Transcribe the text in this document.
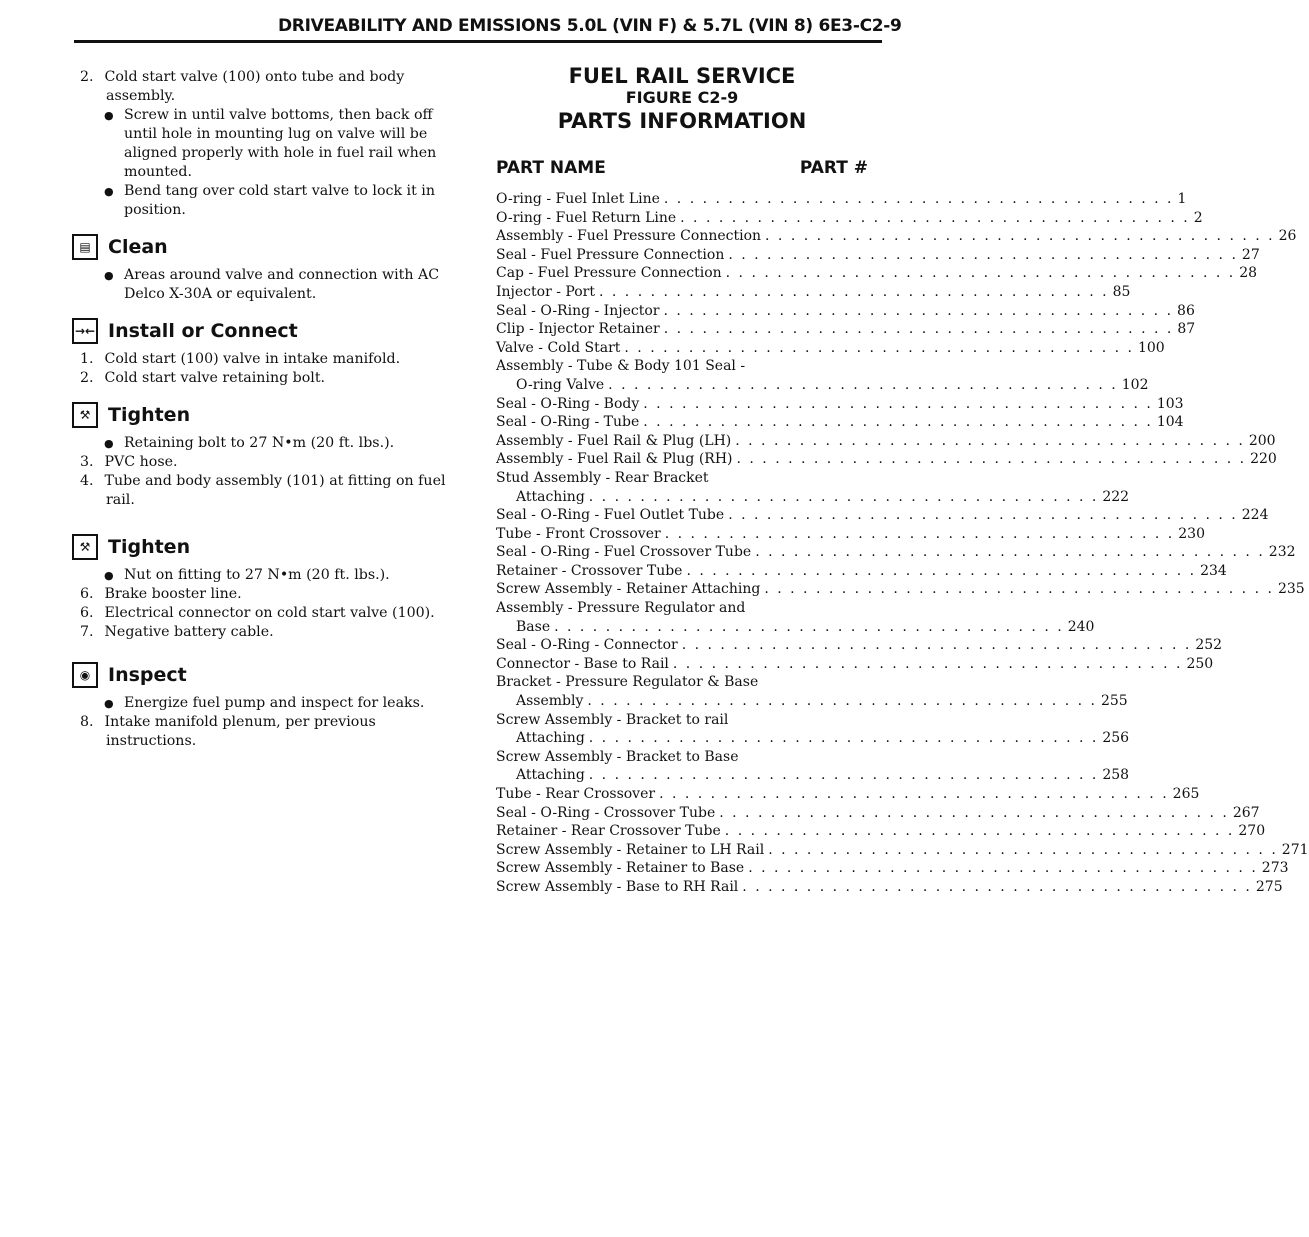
DRIVEABILITY AND EMISSIONS 5.0L (VIN F) & 5.7L (VIN 8) 6E3-C2-9

2. Cold start valve (100) onto tube and body

assembly.

● Screw in until valve bottoms, then back off

until hole in mounting lug on valve will be

aligned properly with hole in fuel rail when

mounted.

● Bend tang over cold start valve to lock it in

position.

▤ Clean
● Areas around valve and connection with AC

Delco X-30A or equivalent.

→← Install or Connect

1. Cold start (100) valve in intake manifold.

2. Cold start valve retaining bolt.

⚒ Tighten
● Retaining bolt to 27 N•m (20 ft. lbs.).

3. PVC hose.

4. Tube and body assembly (101) at fitting on fuel

rail.

⚒ Tighten
● Nut on fitting to 27 N•m (20 ft. lbs.).

6. Brake booster line.

6. Electrical connector on cold start valve (100).

7. Negative battery cable.

◉ Inspect
● Energize fuel pump and inspect for leaks.

8. Intake manifold plenum, per previous

instructions.

FUEL RAIL SERVICE
FIGURE C2-9
PARTS INFORMATION
PART NAME	PART #
O-ring - Fuel Inlet Line . . . . . . . . . . . . . . . . . . . . . . . . . . . . . . . . . . . . . . . . 1
O-ring - Fuel Return Line . . . . . . . . . . . . . . . . . . . . . . . . . . . . . . . . . . . . . . . . 2
Assembly - Fuel Pressure Connection . . . . . . . . . . . . . . . . . . . . . . . . . . . . . . . . . . . . . . . . 26
Seal - Fuel Pressure Connection . . . . . . . . . . . . . . . . . . . . . . . . . . . . . . . . . . . . . . . . 27
Cap - Fuel Pressure Connection . . . . . . . . . . . . . . . . . . . . . . . . . . . . . . . . . . . . . . . . 28
Injector - Port . . . . . . . . . . . . . . . . . . . . . . . . . . . . . . . . . . . . . . . . 85
Seal - O-Ring - Injector . . . . . . . . . . . . . . . . . . . . . . . . . . . . . . . . . . . . . . . . 86
Clip - Injector Retainer . . . . . . . . . . . . . . . . . . . . . . . . . . . . . . . . . . . . . . . . 87
Valve - Cold Start . . . . . . . . . . . . . . . . . . . . . . . . . . . . . . . . . . . . . . . . 100
Assembly - Tube & Body 101 Seal -
O-ring Valve . . . . . . . . . . . . . . . . . . . . . . . . . . . . . . . . . . . . . . . . 102
Seal - O-Ring - Body . . . . . . . . . . . . . . . . . . . . . . . . . . . . . . . . . . . . . . . . 103
Seal - O-Ring - Tube . . . . . . . . . . . . . . . . . . . . . . . . . . . . . . . . . . . . . . . . 104
Assembly - Fuel Rail & Plug (LH) . . . . . . . . . . . . . . . . . . . . . . . . . . . . . . . . . . . . . . . . 200
Assembly - Fuel Rail & Plug (RH) . . . . . . . . . . . . . . . . . . . . . . . . . . . . . . . . . . . . . . . . 220
Stud Assembly - Rear Bracket
Attaching . . . . . . . . . . . . . . . . . . . . . . . . . . . . . . . . . . . . . . . . 222
Seal - O-Ring - Fuel Outlet Tube . . . . . . . . . . . . . . . . . . . . . . . . . . . . . . . . . . . . . . . . 224
Tube - Front Crossover . . . . . . . . . . . . . . . . . . . . . . . . . . . . . . . . . . . . . . . . 230
Seal - O-Ring - Fuel Crossover Tube . . . . . . . . . . . . . . . . . . . . . . . . . . . . . . . . . . . . . . . . 232
Retainer - Crossover Tube . . . . . . . . . . . . . . . . . . . . . . . . . . . . . . . . . . . . . . . . 234
Screw Assembly - Retainer Attaching . . . . . . . . . . . . . . . . . . . . . . . . . . . . . . . . . . . . . . . . 235
Assembly - Pressure Regulator and
Base . . . . . . . . . . . . . . . . . . . . . . . . . . . . . . . . . . . . . . . . 240
Seal - O-Ring - Connector . . . . . . . . . . . . . . . . . . . . . . . . . . . . . . . . . . . . . . . . 252
Connector - Base to Rail . . . . . . . . . . . . . . . . . . . . . . . . . . . . . . . . . . . . . . . . 250
Bracket - Pressure Regulator & Base
Assembly . . . . . . . . . . . . . . . . . . . . . . . . . . . . . . . . . . . . . . . . 255
Screw Assembly - Bracket to rail
Attaching . . . . . . . . . . . . . . . . . . . . . . . . . . . . . . . . . . . . . . . . 256
Screw Assembly - Bracket to Base
Attaching . . . . . . . . . . . . . . . . . . . . . . . . . . . . . . . . . . . . . . . . 258
Tube - Rear Crossover . . . . . . . . . . . . . . . . . . . . . . . . . . . . . . . . . . . . . . . . 265
Seal - O-Ring - Crossover Tube . . . . . . . . . . . . . . . . . . . . . . . . . . . . . . . . . . . . . . . . 267
Retainer - Rear Crossover Tube . . . . . . . . . . . . . . . . . . . . . . . . . . . . . . . . . . . . . . . . 270
Screw Assembly - Retainer to LH Rail . . . . . . . . . . . . . . . . . . . . . . . . . . . . . . . . . . . . . . . . 271
Screw Assembly - Retainer to Base . . . . . . . . . . . . . . . . . . . . . . . . . . . . . . . . . . . . . . . . 273
Screw Assembly - Base to RH Rail . . . . . . . . . . . . . . . . . . . . . . . . . . . . . . . . . . . . . . . . 275
